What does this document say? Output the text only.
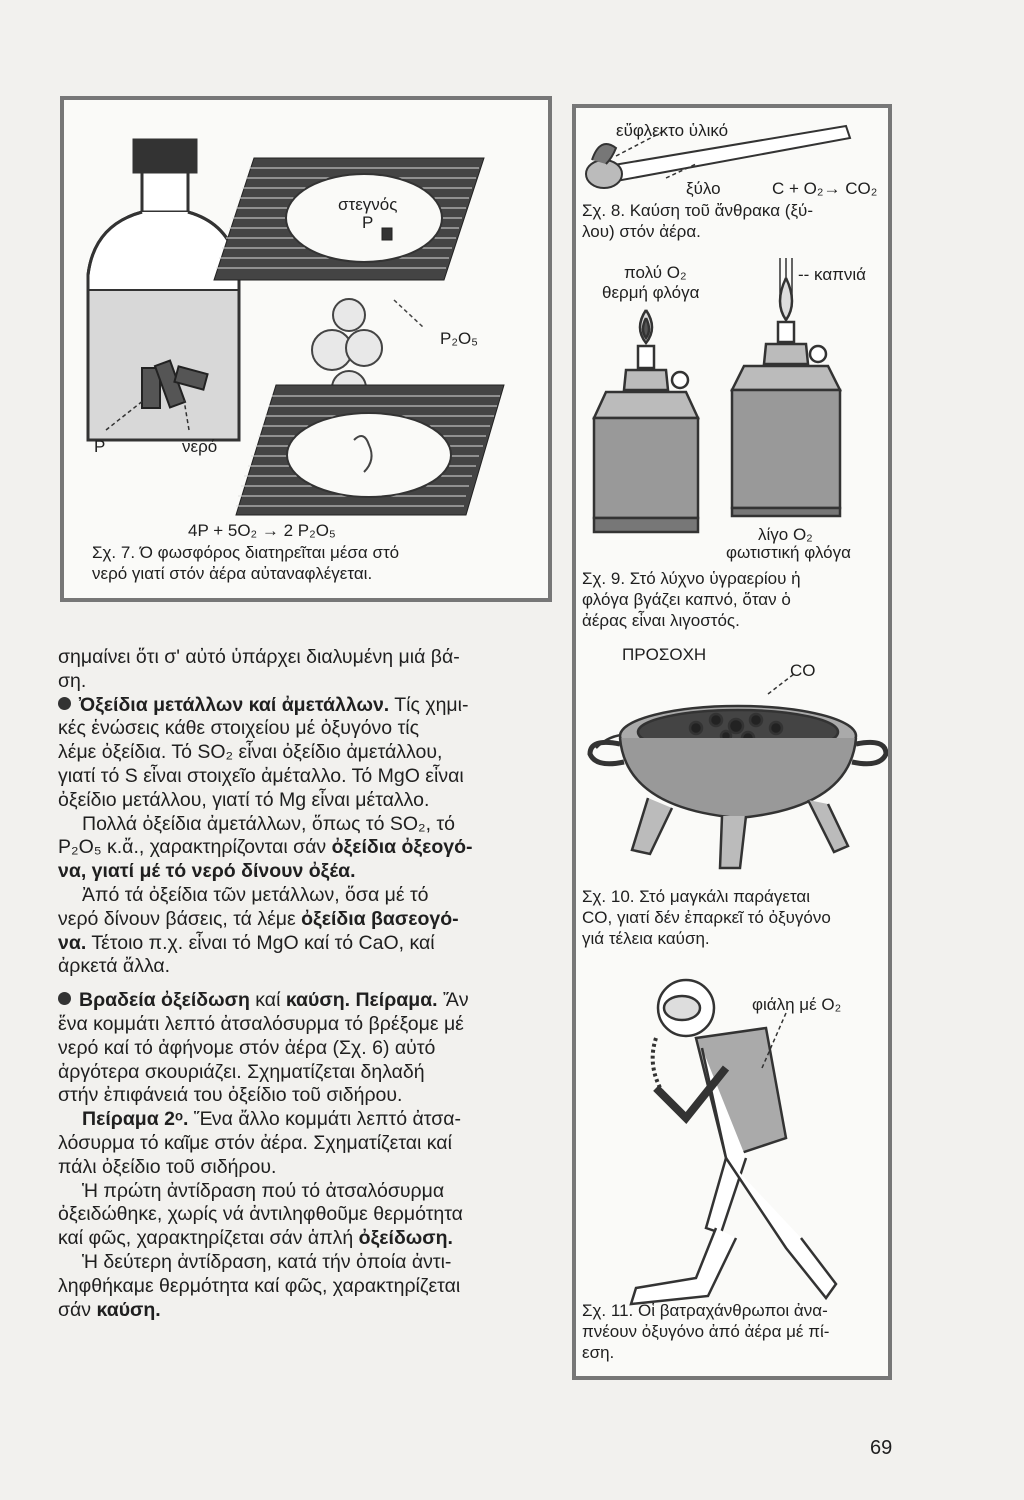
στεγνός
P
P₂O₅
P	νερό
4P + 5O₂ → 2 P₂O₅
Σχ. 7. Ό φωσφόρος διατηρεῖται μέσα στό
νερό γιατί στόν ἀέρα αὐταναφλέγεται.
εὔφλεκτο ὑλικό
ξύλο	C + O₂→ CO₂
Σχ. 8. Καύση τοῦ ἄνθρακα (ξύ-
λου) στόν ἀέρα.
πολύ O₂
θερμή φλόγα
-- καπνιά
λίγο O₂
φωτιστική φλόγα
Σχ. 9. Στό λύχνο ὑγραερίου ἡ
φλόγα βγάζει καπνό, ὅταν ὁ
ἀέρας εἶναι λιγοστός.
ΠΡΟΣΟΧΗ
CO
Σχ. 10. Στό μαγκάλι παράγεται
CO, γιατί δέν ἐπαρκεῖ τό ὀξυγόνο
γιά τέλεια καύση.
φιάλη μέ O₂
Σχ. 11. Οἱ βατραχάνθρωποι ἀνα-
πνέουν ὀξυγόνο ἀπό ἀέρα μέ πί-
εση.

σημαίνει ὅτι σ' αὐτό ὑπάρχει διαλυμένη μιά βά-

ση.

Ὀξείδια μετάλλων καί ἀμετάλλων. Τίς χημι-

κές ἑνώσεις κάθε στοιχείου μέ ὀξυγόνο τίς

λέμε ὀξείδια. Τό SO₂ εἶναι ὀξείδιο ἀμετάλλου,

γιατί τό S εἶναι στοιχεῖο ἀμέταλλο. Τό MgO εἶναι

ὀξείδιο μετάλλου, γιατί τό Mg εἶναι μέταλλο.

Πολλά ὀξείδια ἀμετάλλων, ὅπως τό SO₂, τό

P₂O₅ κ.ἄ., χαρακτηρίζονται σάν ὀξείδια ὀξεογό-

να, γιατί μέ τό νερό δίνουν ὀξέα.

Ἀπό τά ὀξείδια τῶν μετάλλων, ὅσα μέ τό

νερό δίνουν βάσεις, τά λέμε ὀξείδια βασεογό-

να. Τέτοιο π.χ. εἶναι τό MgO καί τό CaO, καί

ἀρκετά ἄλλα.

Βραδεία ὀξείδωση καί καύση. Πείραμα. Ἄν

ἕνα κομμάτι λεπτό ἀτσαλόσυρμα τό βρέξομε μέ

νερό καί τό ἀφήνομε στόν ἀέρα (Σχ. 6) αὐτό

ἀργότερα σκουριάζει. Σχηματίζεται δηλαδή

στήν ἐπιφάνειά του ὀξείδιο τοῦ σιδήρου.

Πείραμα 2ᵒ. Ἕνα ἄλλο κομμάτι λεπτό ἀτσα-

λόσυρμα τό καῖμε στόν ἀέρα. Σχηματίζεται καί

πάλι ὀξείδιο τοῦ σιδήρου.

Ἡ πρώτη ἀντίδραση πού τό ἀτσαλόσυρμα

ὀξειδώθηκε, χωρίς νά ἀντιληφθοῦμε θερμότητα

καί φῶς, χαρακτηρίζεται σάν ἁπλή ὀξείδωση.

Ἡ δεύτερη ἀντίδραση, κατά τήν ὁποία ἀντι-

ληφθήκαμε θερμότητα καί φῶς, χαρακτηρίζεται

σάν καύση.

69
